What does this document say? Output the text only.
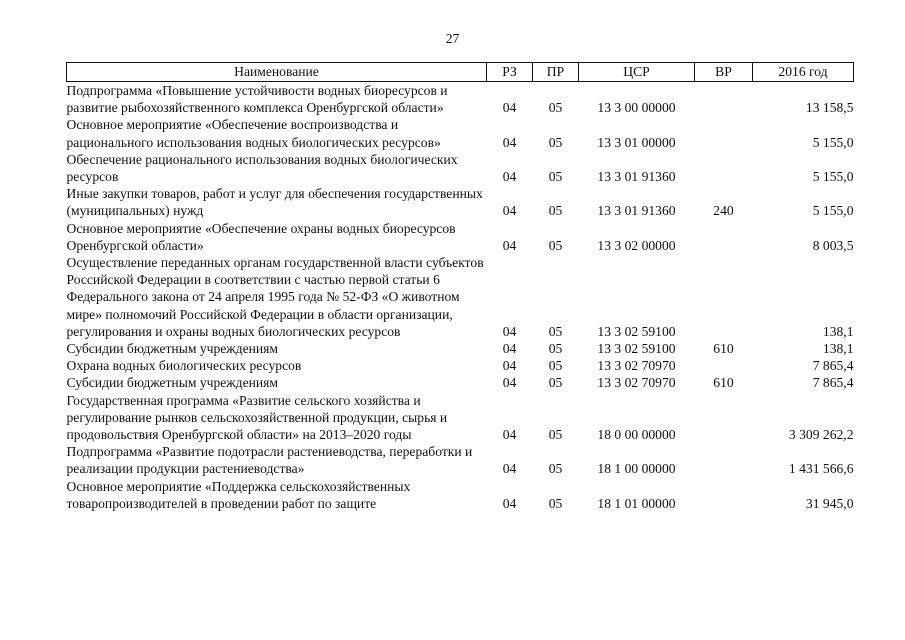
27
Наименование	РЗ	ПР	ЦСР	ВР	2016 год
Подпрограмма «Повышение устойчивости водных биоресурсов и развитие рыбохозяйственного комплекса Оренбургской области»	04	05	13 3 00 00000		13 158,5
Основное мероприятие «Обеспечение воспроизводства и рационального использования водных биологических ресурсов»	04	05	13 3 01 00000		5 155,0
Обеспечение рационального использования водных биологических ресурсов	04	05	13 3 01 91360		5 155,0
Иные закупки товаров, работ и услуг для обеспечения государственных (муниципальных) нужд	04	05	13 3 01 91360	240	5 155,0
Основное мероприятие «Обеспечение охраны водных биоресурсов Оренбургской области»	04	05	13 3 02 00000		8 003,5
Осуществление переданных органам государственной власти субъектов Российской Федерации в соответствии с частью первой статьи 6 Федерального закона от 24 апреля 1995 года № 52-ФЗ «О животном мире» полномочий Российской Федерации в области организации, регулирования и охраны водных биологических ресурсов	04	05	13 3 02 59100		138,1
Субсидии бюджетным учреждениям	04	05	13 3 02 59100	610	138,1
Охрана водных биологических ресурсов	04	05	13 3 02 70970		7 865,4
Субсидии бюджетным учреждениям	04	05	13 3 02 70970	610	7 865,4
Государственная программа «Развитие сельского хозяйства и регулирование рынков сельскохозяйственной продукции, сырья и продовольствия Оренбургской области» на 2013–2020 годы	04	05	18 0 00 00000		3 309 262,2
Подпрограмма «Развитие подотрасли растениеводства, переработки и реализации продукции растениеводства»	04	05	18 1 00 00000		1 431 566,6
Основное мероприятие «Поддержка сельскохозяйственных товаропроизводителей в проведении работ по защите	04	05	18 1 01 00000		31 945,0
